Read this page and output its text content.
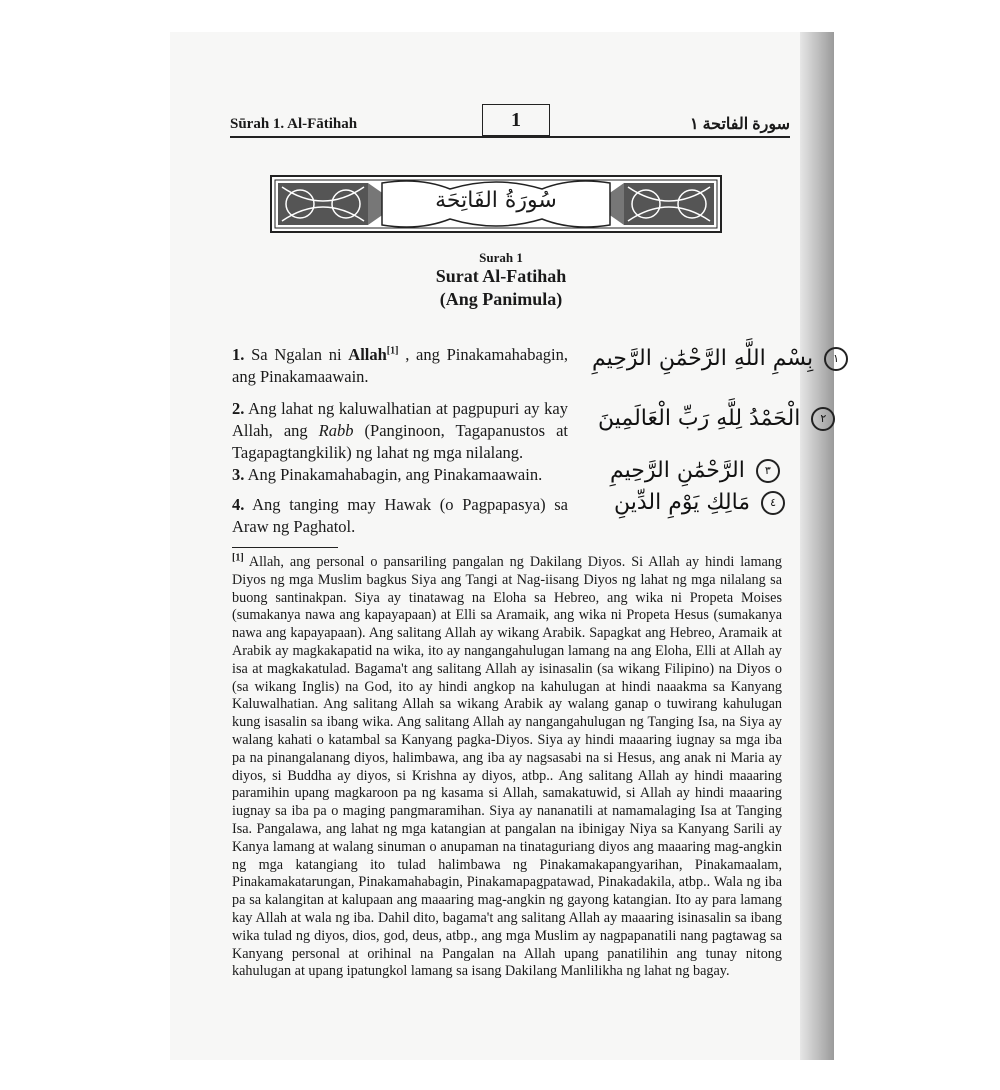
Sūrah 1. Al-Fātihah	1	سورة الفاتحة ١
سُورَةُ الفَاتِحَة
Surah 1
Surat Al-Fatihah
(Ang Panimula)
1. Sa Ngalan ni Allah[1] , ang Pinakamahabagin, ang Pinakamaawain.
١ بِسْمِ اللَّهِ الرَّحْمَٰنِ الرَّحِيمِ
2. Ang lahat ng kaluwalhatian at pagpupuri ay kay Allah, ang Rabb (Panginoon, Tagapanustos at Tagapagtangkilik) ng lahat ng mga nilalang.
٢ الْحَمْدُ لِلَّهِ رَبِّ الْعَالَمِينَ
3. Ang Pinakamahabagin, ang Pinakamaawain.	٣ الرَّحْمَٰنِ الرَّحِيمِ
4. Ang tanging may Hawak (o Pagpapasya) sa Araw ng Paghatol.
٤ مَالِكِ يَوْمِ الدِّينِ
[1] Allah, ang personal o pansariling pangalan ng Dakilang Diyos. Si Allah ay hindi lamang Diyos ng mga Muslim bagkus Siya ang Tangi at Nag-iisang Diyos ng lahat ng mga nilalang sa buong santinakpan. Siya ay tinatawag na Eloha sa Hebreo, ang wika ni Propeta Moises (sumakanya nawa ang kapayapaan) at Elli sa Aramaik, ang wika ni Propeta Hesus (sumakanya nawa ang kapayapaan). Ang salitang Allah ay wikang Arabik. Sapagkat ang Hebreo, Aramaik at Arabik ay magkakapatid na wika, ito ay nangangahulugan lamang na ang Eloha, Elli at Allah ay isa at magkakatulad. Bagama't ang salitang Allah ay isinasalin (sa wikang Filipino) na Diyos o (sa wikang Inglis) na God, ito ay hindi angkop na kahulugan at hindi naaakma sa Kanyang Kaluwalhatian. Ang salitang Allah sa wikang Arabik ay walang ganap o tuwirang kahulugan kung isasalin sa ibang wika. Ang salitang Allah ay nangangahulugan ng Tanging Isa, na Siya ay walang kahati o katambal sa Kanyang pagka-Diyos. Siya ay hindi maaaring iugnay sa mga iba pa na pinangalanang diyos, halimbawa, ang iba ay nagsasabi na si Hesus, ang anak ni Maria ay diyos, si Buddha ay diyos, si Krishna ay diyos, atbp.. Ang salitang Allah ay hindi maaaring paramihin upang magkaroon pa ng kasama si Allah, samakatuwid, si Allah ay hindi maaaring iugnay sa iba pa o maging pangmaramihan. Siya ay nananatili at namamalaging Isa at Tanging Isa. Pangalawa, ang lahat ng mga katangian at pangalan na ibinigay Niya sa Kanyang Sarili ay Kanya lamang at walang sinuman o anupaman na tinataguriang diyos ang maaaring mag-angkin ng mga katangiang ito tulad halimbawa ng Pinakamakapangyarihan, Pinakamaalam, Pinakamakatarungan, Pinakamahabagin, Pinakamapagpatawad, Pinakadakila, atbp.. Wala ng iba pa sa kalangitan at kalupaan ang maaaring mag-angkin ng gayong katangian. Ito ay para lamang kay Allah at wala ng iba. Dahil dito, bagama't ang salitang Allah ay maaaring isinasalin sa ibang wika tulad ng diyos, dios, god, deus, atbp., ang mga Muslim ay nagpapanatili nang pagtawag sa Kanyang personal at orihinal na Pangalan na Allah upang panatilihin ang tunay nitong kahulugan at upang ipatungkol lamang sa isang Dakilang Manlilikha ng lahat ng bagay.
